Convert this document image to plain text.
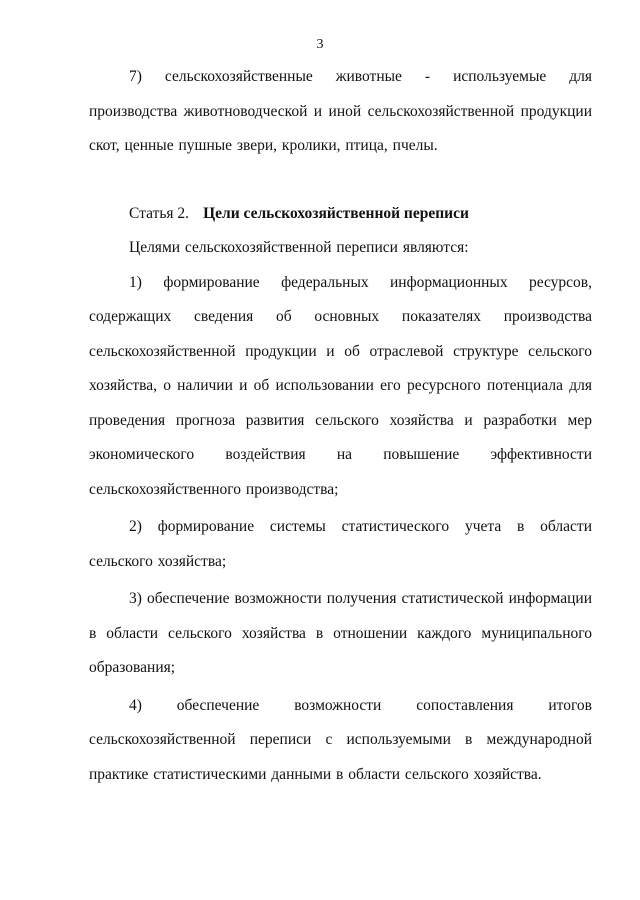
3

7) сельскохозяйственные животные - используемые для производства животноводческой и иной сельскохозяйственной продукции скот, ценные пушные звери, кролики, птица, пчелы.

Статья 2. Цели сельскохозяйственной переписи

Целями сельскохозяйственной переписи являются:

1) формирование федеральных информационных ресурсов, содержащих сведения об основных показателях производства сельскохозяйственной продукции и об отраслевой структуре сельского хозяйства, о наличии и об использовании его ресурсного потенциала для проведения прогноза развития сельского хозяйства и разработки мер экономического воздействия на повышение эффективности сельскохозяйственного производства;

2) формирование системы статистического учета в области сельского хозяйства;

3) обеспечение возможности получения статистической информации в области сельского хозяйства в отношении каждого муниципального образования;

4) обеспечение возможности сопоставления итогов сельскохозяйственной переписи с используемыми в международной практике статистическими данными в области сельского хозяйства.
